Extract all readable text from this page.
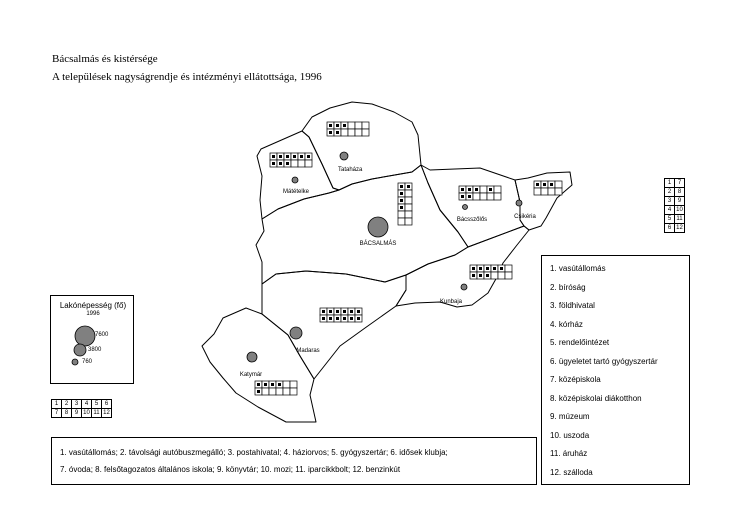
Bácsalmás és kistérsége
A települések nagyságrendje és intézményi ellátottsága, 1996
Tataháza
Mátételke
BÁCSALMÁS
Bácsszőlős	Csikéria
Kunbaja
Madaras
Katymár
Lakónépesség (fő)
1996
7600
3800
760
1	7
2	8
3	9
4	10
5	11
6	12
1	2	3	4	5	6
7	8	9	10	11	12
1. vasútállomás
2. bíróság
3. földhivatal
4. kórház
5. rendelőintézet
6. ügyeletet tartó gyógyszertár
7. középiskola
8. középiskolai diákotthon
9. múzeum
10. uszoda
11. áruház
12. szálloda
1. vasútállomás; 2. távolsági autóbuszmegálló; 3. postahivatal; 4. háziorvos; 5. gyógyszertár; 6. idősek klubja;
7. óvoda; 8. felsőtagozatos általános iskola; 9. könyvtár; 10. mozi; 11. iparcikkbolt; 12. benzinkút
